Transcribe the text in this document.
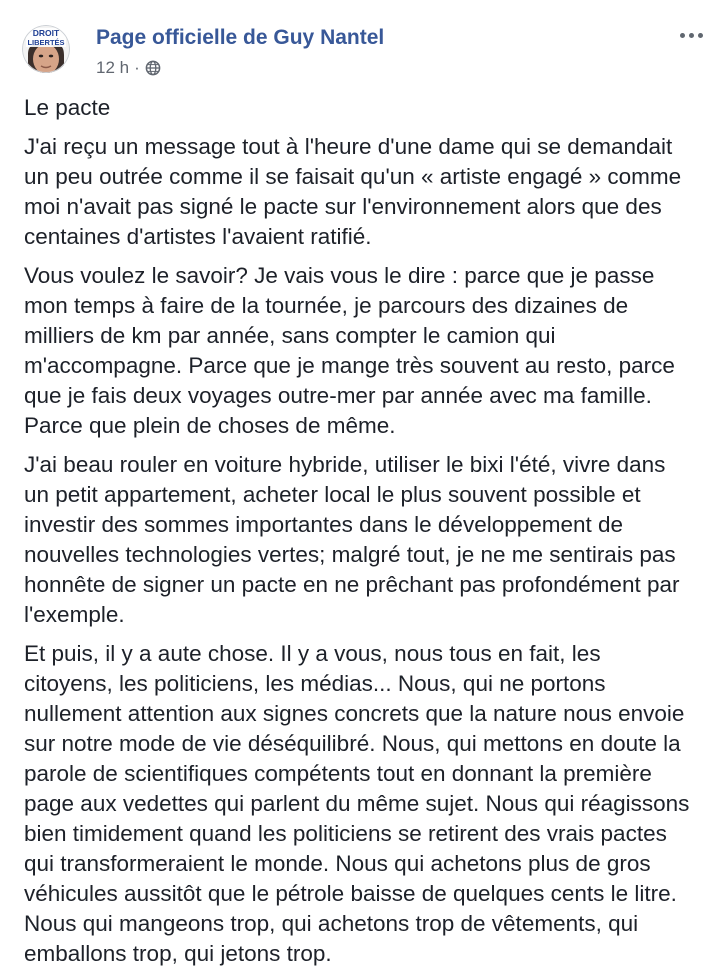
DROIT
LIBERTÉS Page officielle de Guy Nantel
12 h ·
Le pacte
J'ai reçu un message tout à l'heure d'une dame qui se demandait
un peu outrée comme il se faisait qu'un « artiste engagé » comme
moi n'avait pas signé le pacte sur l'environnement alors que des
centaines d'artistes l'avaient ratifié.
Vous voulez le savoir? Je vais vous le dire : parce que je passe
mon temps à faire de la tournée, je parcours des dizaines de
milliers de km par année, sans compter le camion qui
m'accompagne. Parce que je mange très souvent au resto, parce
que je fais deux voyages outre-mer par année avec ma famille.
Parce que plein de choses de même.
J'ai beau rouler en voiture hybride, utiliser le bixi l'été, vivre dans
un petit appartement, acheter local le plus souvent possible et
investir des sommes importantes dans le développement de
nouvelles technologies vertes; malgré tout, je ne me sentirais pas
honnête de signer un pacte en ne prêchant pas profondément par
l'exemple.
Et puis, il y a aute chose. Il y a vous, nous tous en fait, les
citoyens, les politiciens, les médias... Nous, qui ne portons
nullement attention aux signes concrets que la nature nous envoie
sur notre mode de vie déséquilibré. Nous, qui mettons en doute la
parole de scientifiques compétents tout en donnant la première
page aux vedettes qui parlent du même sujet. Nous qui réagissons
bien timidement quand les politiciens se retirent des vrais pactes
qui transformeraient le monde. Nous qui achetons plus de gros
véhicules aussitôt que le pétrole baisse de quelques cents le litre.
Nous qui mangeons trop, qui achetons trop de vêtements, qui
emballons trop, qui jetons trop.
